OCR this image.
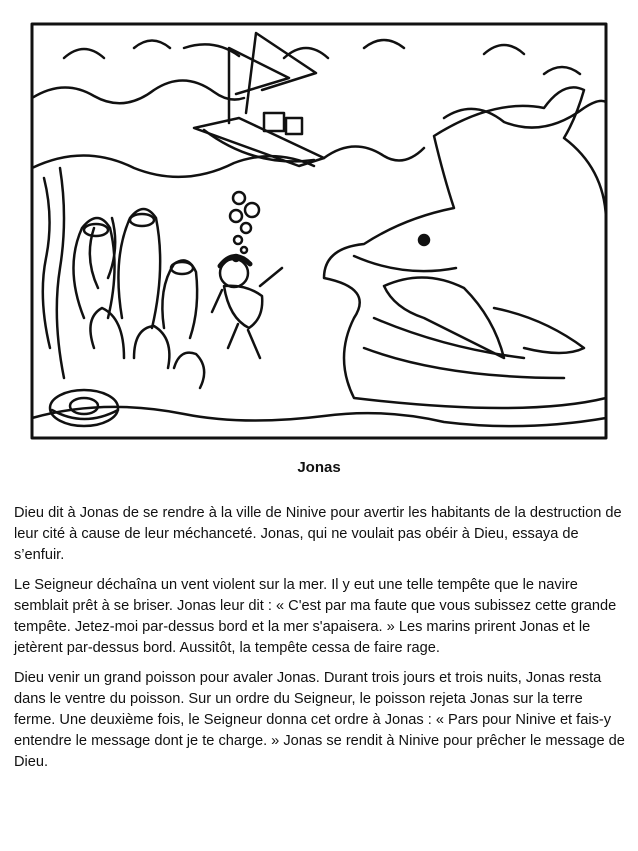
Jonas

Dieu dit à Jonas de se rendre à la ville de Ninive pour avertir les habitants de la destruction de leur cité à cause de leur méchanceté. Jonas, qui ne voulait pas obéir à Dieu, essaya de s’enfuir.

Le Seigneur déchaîna un vent violent sur la mer. Il y eut une telle tempête que le navire semblait prêt à se briser. Jonas leur dit : « C'est par ma faute que vous subissez cette grande tempête. Jetez-moi par-dessus bord et la mer s'apaisera. » Les marins prirent Jonas et le jetèrent par-dessus bord. Aussitôt, la tempête cessa de faire rage.

Dieu venir un grand poisson pour avaler Jonas. Durant trois jours et trois nuits, Jonas resta dans le ventre du poisson. Sur un ordre du Seigneur, le poisson rejeta Jonas sur la terre ferme. Une deuxième fois, le Seigneur donna cet ordre à Jonas : « Pars pour Ninive et fais-y entendre le message dont je te charge. » Jonas se rendit à Ninive pour prêcher le message de Dieu.
